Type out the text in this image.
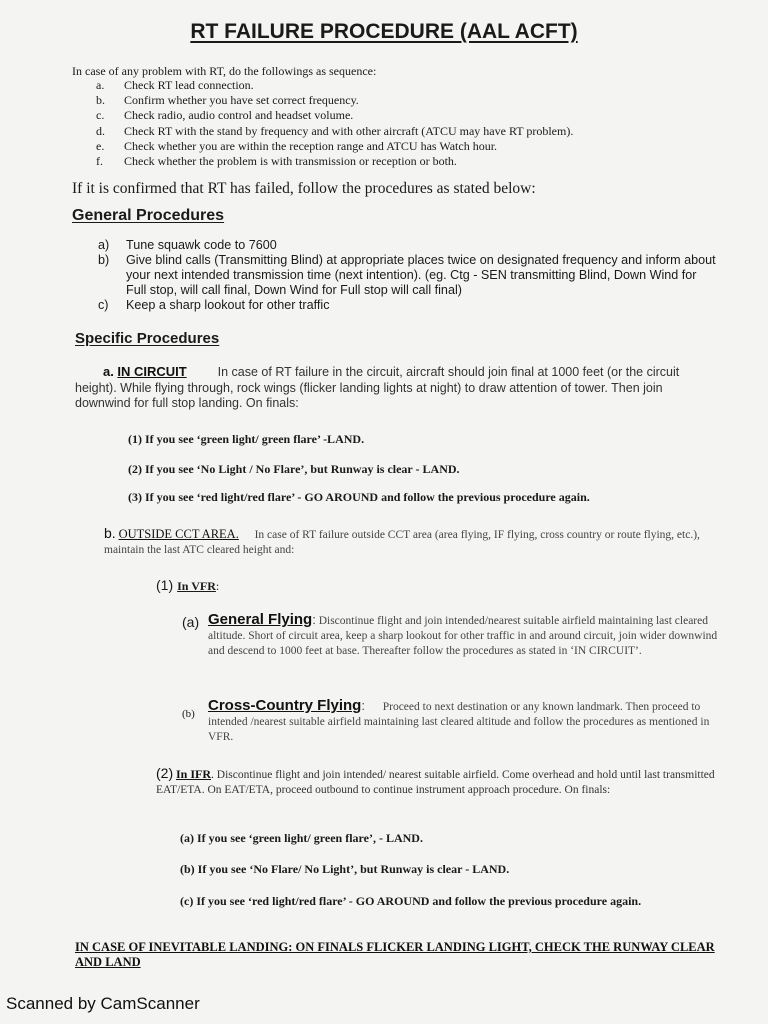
RT FAILURE PROCEDURE (AAL ACFT)
In case of any problem with RT, do the followings as sequence:
a.	Check RT lead connection.
b.	Confirm whether you have set correct frequency.
c.	Check radio, audio control and headset volume.
d.	Check RT with the stand by frequency and with other aircraft (ATCU may have RT problem).
e.	Check whether you are within the reception range and ATCU has Watch hour.
f.	Check whether the problem is with transmission or reception or both.
If it is confirmed that RT has failed, follow the procedures as stated below:
General Procedures
a)	Tune squawk code to 7600
b)	Give blind calls (Transmitting Blind) at appropriate places twice on designated frequency and inform about your next intended transmission time (next intention). (eg. Ctg - SEN transmitting Blind, Down Wind for Full stop, will call final, Down Wind for Full stop will call final)
c)	Keep a sharp lookout for other traffic
Specific Procedures
a. IN CIRCUIT In case of RT failure in the circuit, aircraft should join final at 1000 feet (or the circuit height). While flying through, rock wings (flicker landing lights at night) to draw attention of tower. Then join downwind for full stop landing. On finals:
(1) If you see ‘green light/ green flare’ -LAND.
(2) If you see ‘No Light / No Flare’, but Runway is clear - LAND.
(3) If you see ‘red light/red flare’ - GO AROUND and follow the previous procedure again.
b. OUTSIDE CCT AREA. In case of RT failure outside CCT area (area flying, IF flying, cross country or route flying, etc.), maintain the last ATC cleared height and:
(1) In VFR:
(a) General Flying: Discontinue flight and join intended/nearest suitable airfield maintaining last cleared altitude. Short of circuit area, keep a sharp lookout for other traffic in and around circuit, join wider downwind and descend to 1000 feet at base. Thereafter follow the procedures as stated in ‘IN CIRCUIT’.
(b) Cross-Country Flying: Proceed to next destination or any known landmark. Then proceed to intended /nearest suitable airfield maintaining last cleared altitude and follow the procedures as mentioned in VFR.
(2) In IFR. Discontinue flight and join intended/ nearest suitable airfield. Come overhead and hold until last transmitted EAT/ETA. On EAT/ETA, proceed outbound to continue instrument approach procedure. On finals:
(a) If you see ‘green light/ green flare’, - LAND.
(b) If you see ‘No Flare/ No Light’, but Runway is clear - LAND.
(c) If you see ‘red light/red flare’ - GO AROUND and follow the previous procedure again.
IN CASE OF INEVITABLE LANDING: ON FINALS FLICKER LANDING LIGHT, CHECK THE RUNWAY CLEAR AND LAND
Scanned by CamScanner
